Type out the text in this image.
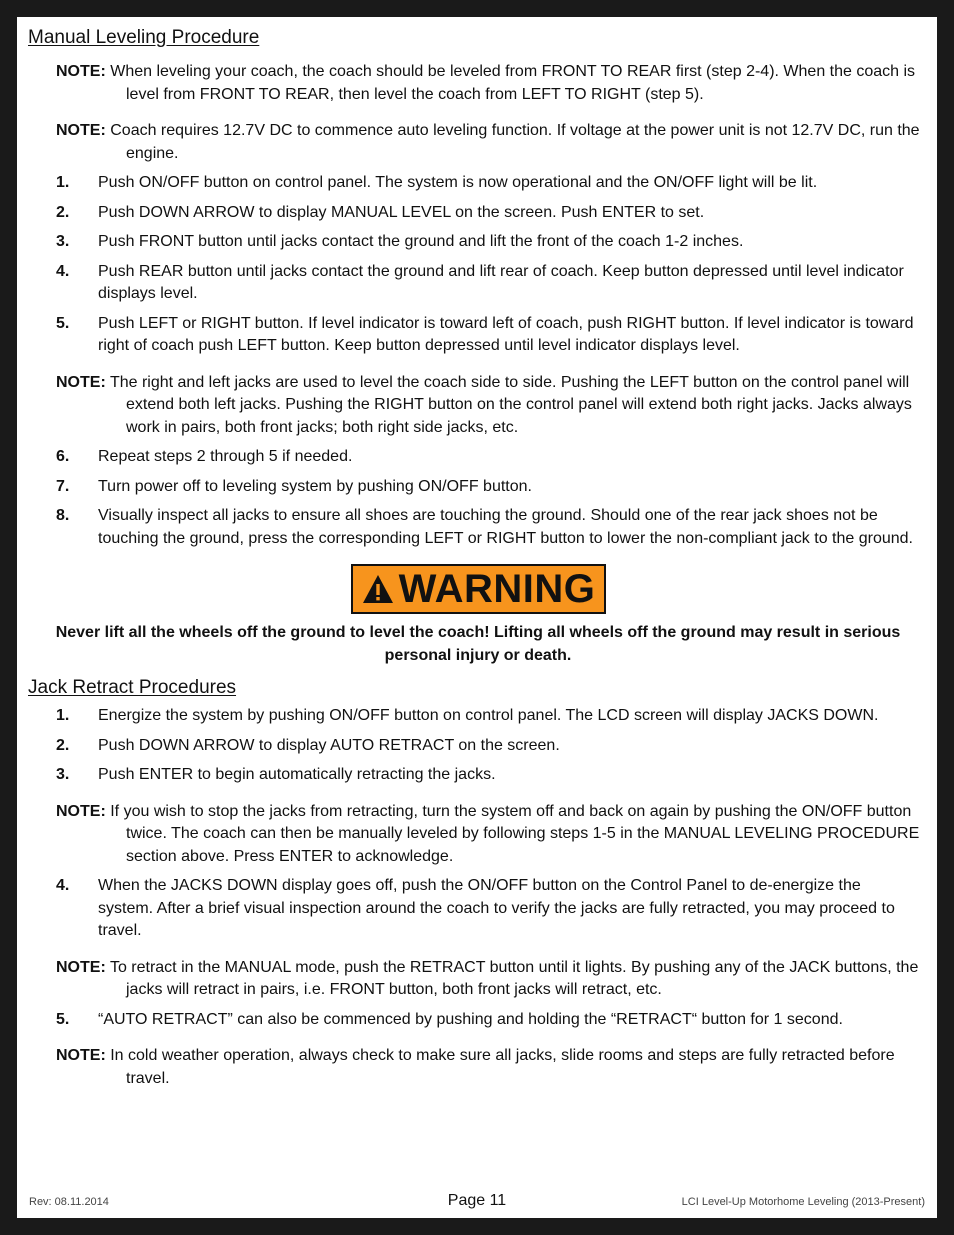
Manual Leveling Procedure
NOTE: When leveling your coach, the coach should be leveled from FRONT TO REAR first (step 2-4). When the coach is level from FRONT TO REAR, then level the coach from LEFT TO RIGHT (step 5).
NOTE: Coach requires 12.7V DC to commence auto leveling function. If voltage at the power unit is not 12.7V DC, run the engine.
1.	Push ON/OFF button on control panel. The system is now operational and the ON/OFF light will be lit.
2.	Push DOWN ARROW to display MANUAL LEVEL on the screen. Push ENTER to set.
3.	Push FRONT button until jacks contact the ground and lift the front of the coach 1-2 inches.
4.	Push REAR button until jacks contact the ground and lift rear of coach. Keep button depressed until level indicator displays level.
5.	Push LEFT or RIGHT button. If level indicator is toward left of coach, push RIGHT button. If level indicator is toward right of coach push LEFT button. Keep button depressed until level indicator displays level.
NOTE: The right and left jacks are used to level the coach side to side. Pushing the LEFT button on the control panel will extend both left jacks. Pushing the RIGHT button on the control panel will extend both right jacks. Jacks always work in pairs, both front jacks; both right side jacks, etc.
6.	Repeat steps 2 through 5 if needed.
7.	Turn power off to leveling system by pushing ON/OFF button.
8.	Visually inspect all jacks to ensure all shoes are touching the ground. Should one of the rear jack shoes not be touching the ground, press the corresponding LEFT or RIGHT button to lower the non-compliant jack to the ground.
WARNING
Never lift all the wheels off the ground to level the coach! Lifting all wheels off the ground may result in serious personal injury or death.
Jack Retract Procedures
1.	Energize the system by pushing ON/OFF button on control panel. The LCD screen will display JACKS DOWN.
2.	Push DOWN ARROW to display AUTO RETRACT on the screen.
3.	Push ENTER to begin automatically retracting the jacks.
NOTE: If you wish to stop the jacks from retracting, turn the system off and back on again by pushing the ON/OFF button twice. The coach can then be manually leveled by following steps 1-5 in the MANUAL LEVELING PROCEDURE section above. Press ENTER to acknowledge.
4.	When the JACKS DOWN display goes off, push the ON/OFF button on the Control Panel to de-energize the system. After a brief visual inspection around the coach to verify the jacks are fully retracted, you may proceed to travel.
NOTE: To retract in the MANUAL mode, push the RETRACT button until it lights. By pushing any of the JACK buttons, the jacks will retract in pairs, i.e. FRONT button, both front jacks will retract, etc.
5.	“AUTO RETRACT” can also be commenced by pushing and holding the “RETRACT“ button for 1 second.
NOTE: In cold weather operation, always check to make sure all jacks, slide rooms and steps are fully retracted before travel.
Rev: 08.11.2014	Page 11	LCI Level-Up Motorhome Leveling (2013-Present)
